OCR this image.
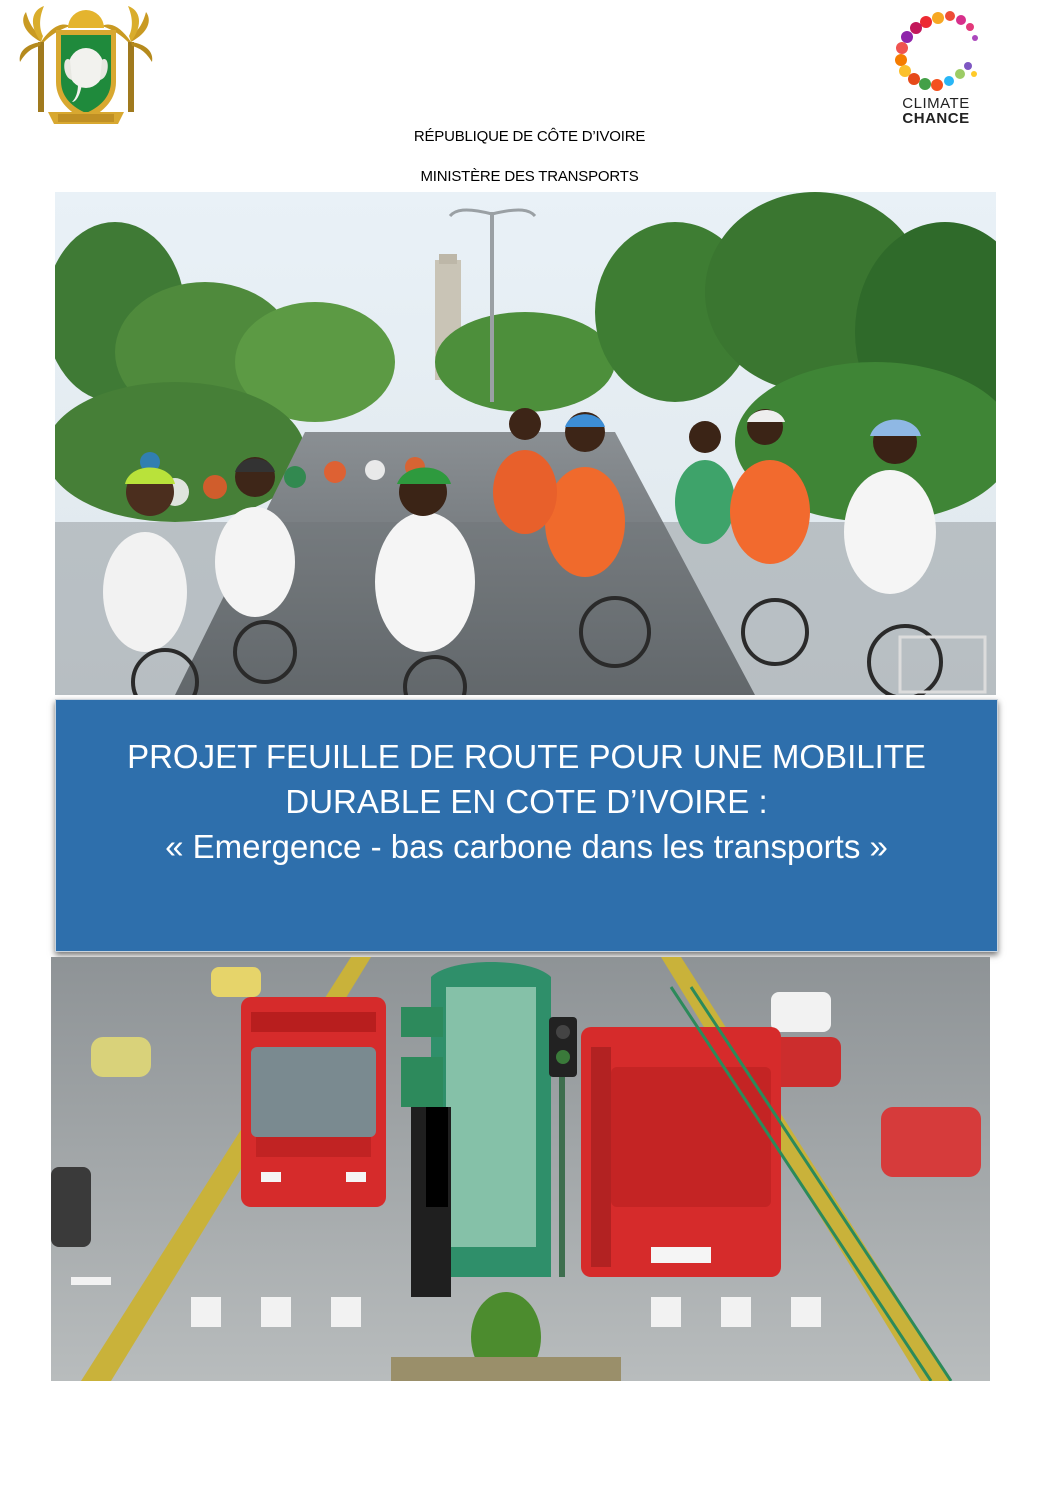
CLIMATE
CHANCE
RÉPUBLIQUE DE CÔTE D’IVOIRE
MINISTÈRE DES TRANSPORTS
PROJET FEUILLE DE ROUTE POUR UNE MOBILITE
DURABLE EN COTE D’IVOIRE :
« Emergence - bas carbone dans les transports »
